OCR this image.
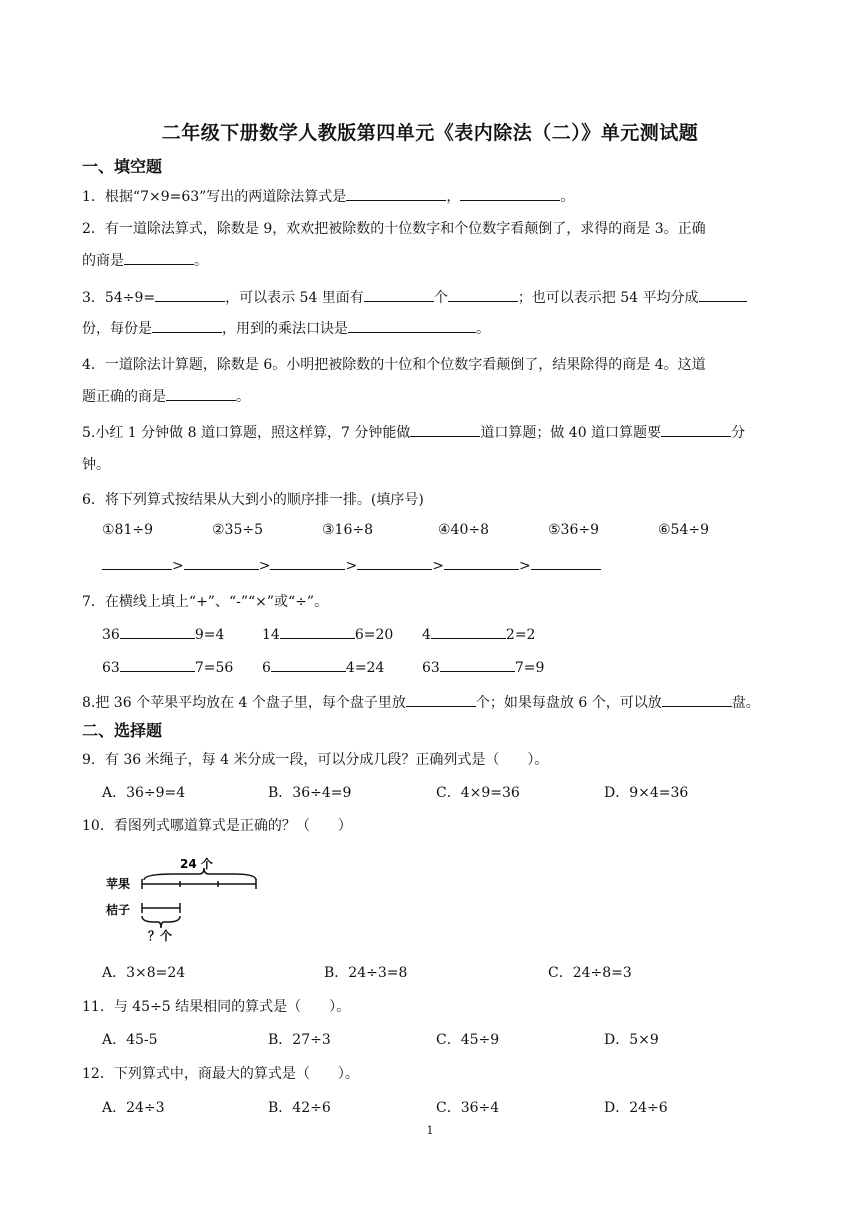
二年级下册数学人教版第四单元《表内除法（二）》单元测试题
一、填空题
1．根据“7×9=63”写出的两道除法算式是	，	。
2．有一道除法算式，除数是 9，欢欢把被除数的十位数字和个位数字看颠倒了，求得的商是 3。正确
的商是	。
3．54÷9=	，可以表示 54 里面有	个	；也可以表示把 54 平均分成
份，每份是	，用到的乘法口诀是	。
4．一道除法计算题，除数是 6。小明把被除数的十位和个位数字看颠倒了，结果除得的商是 4。这道
题正确的商是	。
5.小红 1 分钟做 8 道口算题，照这样算，7 分钟能做	道口算题；做 40 道口算题要	分
钟。
6．将下列算式按结果从大到小的顺序排一排。(填序号)
①81÷9	②35÷5	③16÷8	④40÷8	⑤36÷9	⑥54÷9
>	>	>	>	>
7．在横线上填上“+”、“-”“×”或“÷”。
36	9=4	14	6=20 4	2=2
63	7=56 6	4=24	63	7=9
8.把 36 个苹果平均放在 4 个盘子里，每个盘子里放	个；如果每盘放 6 个，可以放	盘。
二、选择题
9．有 36 米绳子，每 4 米分成一段，可以分成几段？正确列式是（　　）。
A．36÷9=4	B．36÷4=9	C．4×9=36	D．9×4=36
10．看图列式哪道算式是正确的？（　　）
24 个
苹果
桔子
？个
A．3×8=24	B．24÷3=8	C．24÷8=3
11．与 45÷5 结果相同的算式是（　　）。
A．45-5	B．27÷3	C．45÷9	D．5×9
12．下列算式中，商最大的算式是（　　）。
A．24÷3	B．42÷6	C．36÷4	D．24÷6
1
